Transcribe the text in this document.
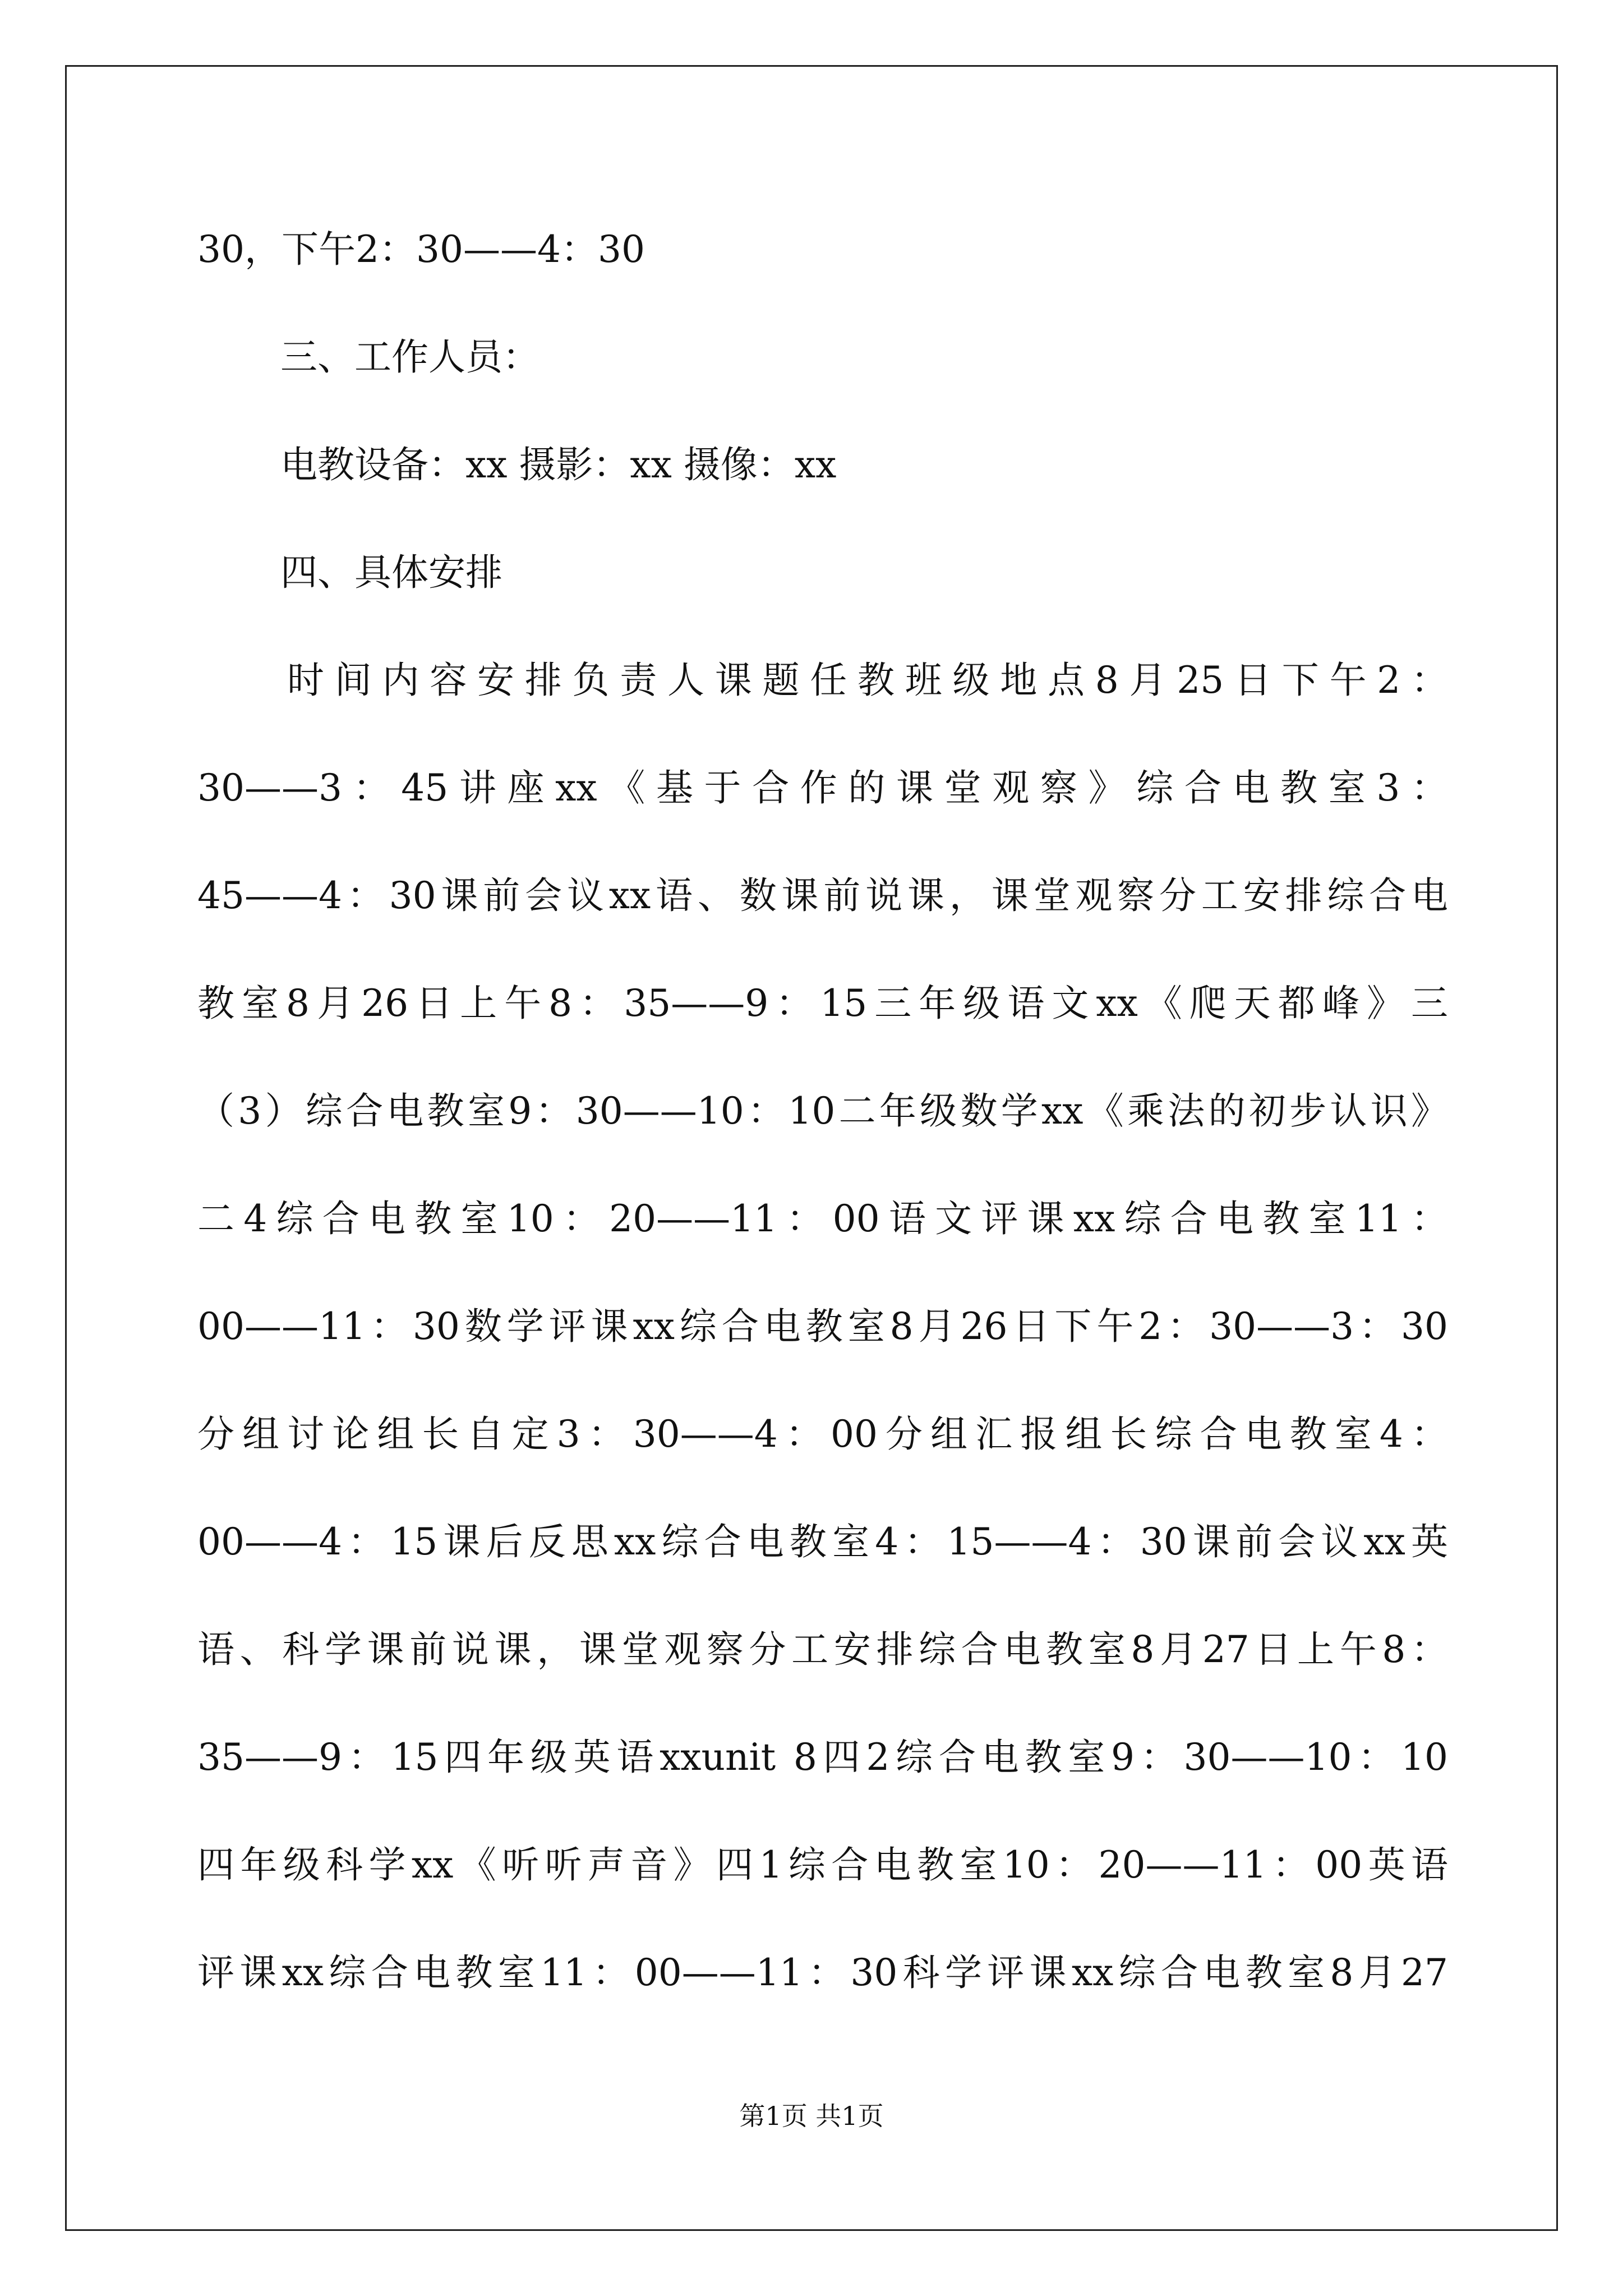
30，下午2：30——4：30
三、工作人员：
电教设备：xx 摄影：xx 摄像：xx
四、具体安排
时间内容安排负责人课题任教班级地点8月25日下午2：
30——3：45讲座xx《基于合作的课堂观察》综合电教室3：
45——4：30课前会议xx语、数课前说课，课堂观察分工安排综合电
教室8月26日上午8：35——9：15三年级语文xx《爬天都峰》三
（3）综合电教室9：30——10：10二年级数学xx《乘法的初步认识》
二4综合电教室10：20——11：00语文评课xx综合电教室11：
00——11：30数学评课xx综合电教室8月26日下午2：30——3：30
分组讨论组长自定3：30——4：00分组汇报组长综合电教室4：
00——4：15课后反思xx综合电教室4：15——4：30课前会议xx英
语、科学课前说课，课堂观察分工安排综合电教室8月27日上午8：
35——9：15四年级英语xxunit 8四2综合电教室9：30——10：10
四年级科学xx《听听声音》四1综合电教室10：20——11：00英语
评课xx综合电教室11：00——11：30科学评课xx综合电教室8月27
第1页 共1页
